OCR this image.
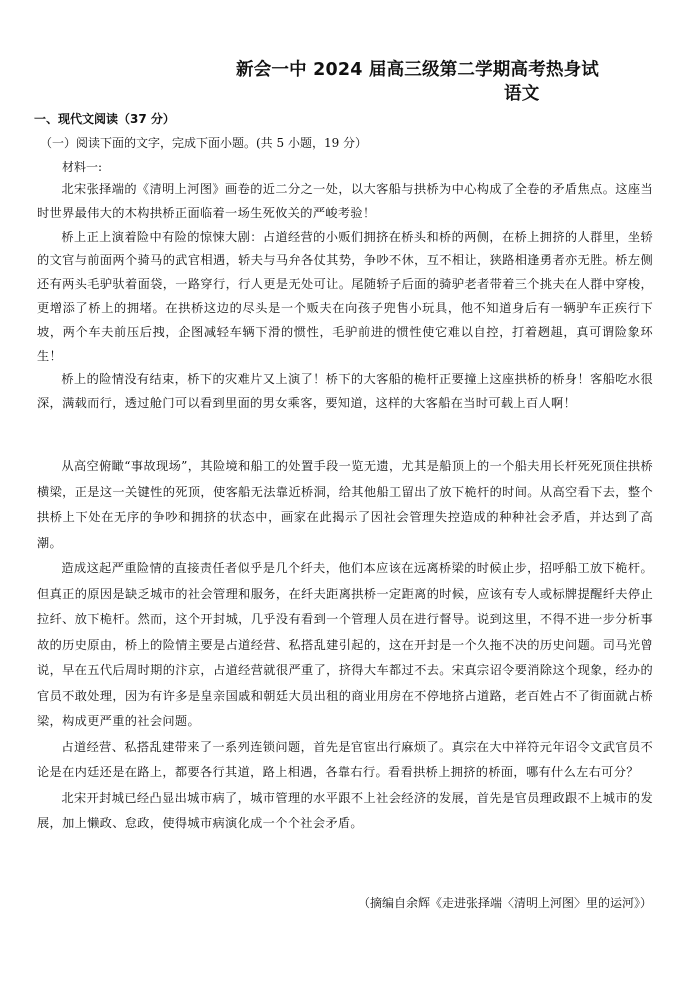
新会一中 2024 届高三级第二学期高考热身试
语文
一、现代文阅读（37 分）
（一）阅读下面的文字，完成下面小题。(共 5 小题，19 分）
材料一:

北宋张择端的《清明上河图》画卷的近二分之一处，以大客船与拱桥为中心构成了全卷的矛盾焦点。这座当时世界最伟大的木构拱桥正面临着一场生死攸关的严峻考验！

桥上正上演着险中有险的惊悚大剧：占道经营的小贩们拥挤在桥头和桥的两侧，在桥上拥挤的人群里，坐轿的文官与前面两个骑马的武官相遇，轿夫与马弁各仗其势，争吵不休，互不相让，狭路相逢勇者亦无胜。桥左侧还有两头毛驴驮着面袋，一路穿行，行人更是无处可让。尾随轿子后面的骑驴老者带着三个挑夫在人群中穿梭，更增添了桥上的拥堵。在拱桥这边的尽头是一个贩夫在向孩子兜售小玩具，他不知道身后有一辆驴车正疾行下坡，两个车夫前压后拽，企图减轻车辆下滑的惯性，毛驴前进的惯性使它难以自控，打着趔趄，真可谓险象环生！

桥上的险情没有结束，桥下的灾难片又上演了！桥下的大客船的桅杆正要撞上这座拱桥的桥身！客船吃水很深，满载而行，透过舱门可以看到里面的男女乘客，要知道，这样的大客船在当时可载上百人啊！

从高空俯瞰“事故现场”，其险境和船工的处置手段一览无遗，尤其是船顶上的一个船夫用长杆死死顶住拱桥横梁，正是这一关键性的死顶，使客船无法靠近桥洞，给其他船工留出了放下桅杆的时间。从高空看下去，整个拱桥上下处在无序的争吵和拥挤的状态中，画家在此揭示了因社会管理失控造成的种种社会矛盾，并达到了高潮。

造成这起严重险情的直接责任者似乎是几个纤夫，他们本应该在远离桥梁的时候止步，招呼船工放下桅杆。但真正的原因是缺乏城市的社会管理和服务，在纤夫距离拱桥一定距离的时候，应该有专人或标牌提醒纤夫停止拉纤、放下桅杆。然而，这个开封城，几乎没有看到一个管理人员在进行督导。说到这里，不得不进一步分析事故的历史原由，桥上的险情主要是占道经营、私搭乱建引起的，这在开封是一个久拖不决的历史问题。司马光曾说，早在五代后周时期的汴京，占道经营就很严重了，挤得大车都过不去。宋真宗诏令要消除这个现象，经办的官员不敢处理，因为有许多是皇亲国戚和朝廷大员出租的商业用房在不停地挤占道路，老百姓占不了街面就占桥梁，构成更严重的社会问题。

占道经营、私搭乱建带来了一系列连锁问题，首先是官宦出行麻烦了。真宗在大中祥符元年诏令文武官员不论是在内廷还是在路上，都要各行其道，路上相遇，各靠右行。看看拱桥上拥挤的桥面，哪有什么左右可分？

北宋开封城已经凸显出城市病了，城市管理的水平跟不上社会经济的发展，首先是官员理政跟不上城市的发展，加上懒政、怠政，使得城市病演化成一个个社会矛盾。

（摘编自余辉《走进张择端〈清明上河图〉里的运河》）
